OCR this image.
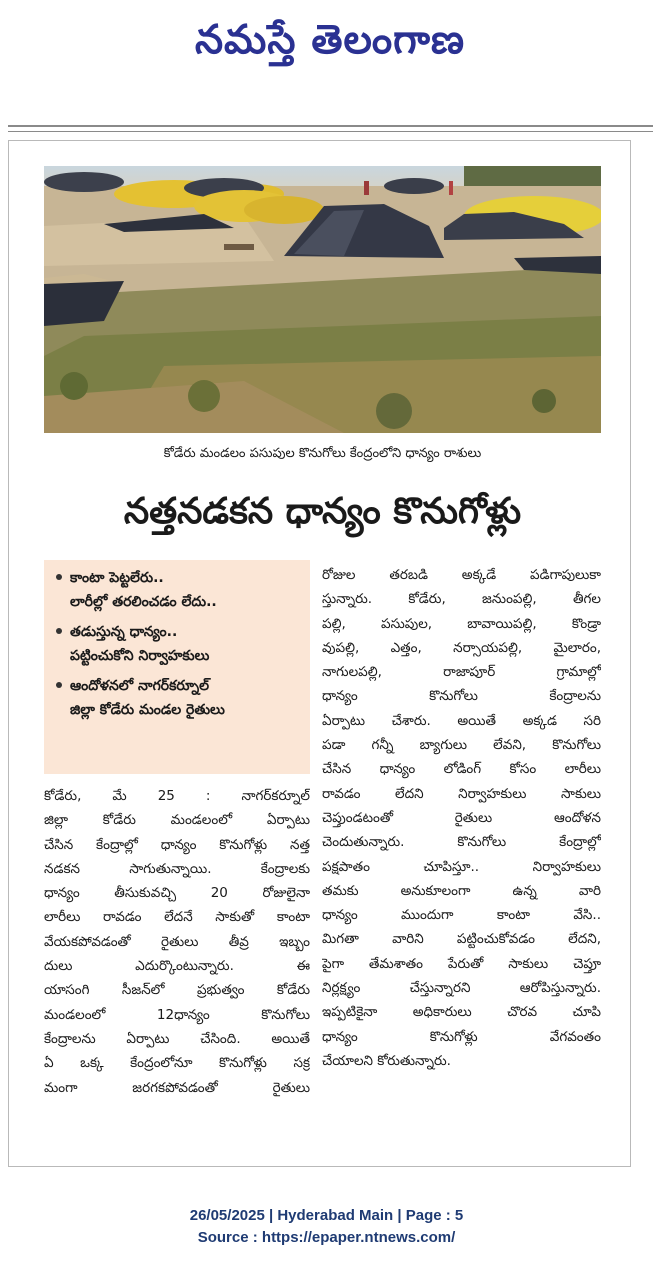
నమస్తే తెలంగాణ
కోడేరు మండలం పసుపుల కొనుగోలు కేంద్రంలోని ధాన్యం రాశులు
నత్తనడకన ధాన్యం కొనుగోళ్లు
కాంటా పెట్టలేరు..
లారీల్లో తరలించడం లేదు..
తడుస్తున్న ధాన్యం..
పట్టించుకోని నిర్వాహకులు
ఆందోళనలో నాగర్‌కర్నూల్
జిల్లా కోడేరు మండల రైతులు
కోడేరు, మే 25 : నాగర్‌కర్నూల్
జిల్లా కోడేరు మండలంలో ఏర్పాటు
చేసిన కేంద్రాల్లో ధాన్యం కొనుగోళ్లు నత్త
నడకన సాగుతున్నాయి. కేంద్రాలకు
ధాన్యం తీసుకువచ్చి 20 రోజులైనా
లారీలు రావడం లేదనే సాకుతో కాంటా
వేయకపోవడంతో రైతులు తీవ్ర ఇబ్బం
దులు ఎదుర్కొంటున్నారు. ఈ
యాసంగి సీజన్‌లో ప్రభుత్వం కోడేరు
మండలంలో 12ధాన్యం కొనుగోలు
కేంద్రాలను ఏర్పాటు చేసింది. అయితే
ఏ ఒక్క కేంద్రంలోనూ కొనుగోళ్లు సక్ర
మంగా జరగకపోవడంతో రైతులు
రోజుల తరబడి అక్కడే పడిగాపులుకా
స్తున్నారు. కోడేరు, జనుంపల్లి, తీగల
పల్లి, పసుపుల, బావాయిపల్లి, కొండ్రా
వుపల్లి, ఎత్తం, నర్సాయపల్లి, మైలారం,
నాగులపల్లి, రాజాపూర్ గ్రామాల్లో
ధాన్యం కొనుగోలు కేంద్రాలను
ఏర్పాటు చేశారు. అయితే అక్కడ సరి
పడా గన్నీ బ్యాగులు లేవని, కొనుగోలు
చేసిన ధాన్యం లోడింగ్ కోసం లారీలు
రావడం లేదని నిర్వాహకులు సాకులు
చెప్తుండటంతో రైతులు ఆందోళన
చెందుతున్నారు. కొనుగోలు కేంద్రాల్లో
పక్షపాతం చూపిస్తూ.. నిర్వాహకులు
తమకు అనుకూలంగా ఉన్న వారి
ధాన్యం ముందుగా కాంటా వేసి..
మిగతా వారిని పట్టించుకోవడం లేదని,
పైగా తేమశాతం పేరుతో సాకులు చెప్తూ
నిర్లక్ష్యం చేస్తున్నారని ఆరోపిస్తున్నారు.
ఇప్పటికైనా అధికారులు చొరవ చూపి
ధాన్యం కొనుగోళ్లు వేగవంతం
చేయాలని కోరుతున్నారు.
26/05/2025 | Hyderabad Main | Page : 5
Source : https://epaper.ntnews.com/
